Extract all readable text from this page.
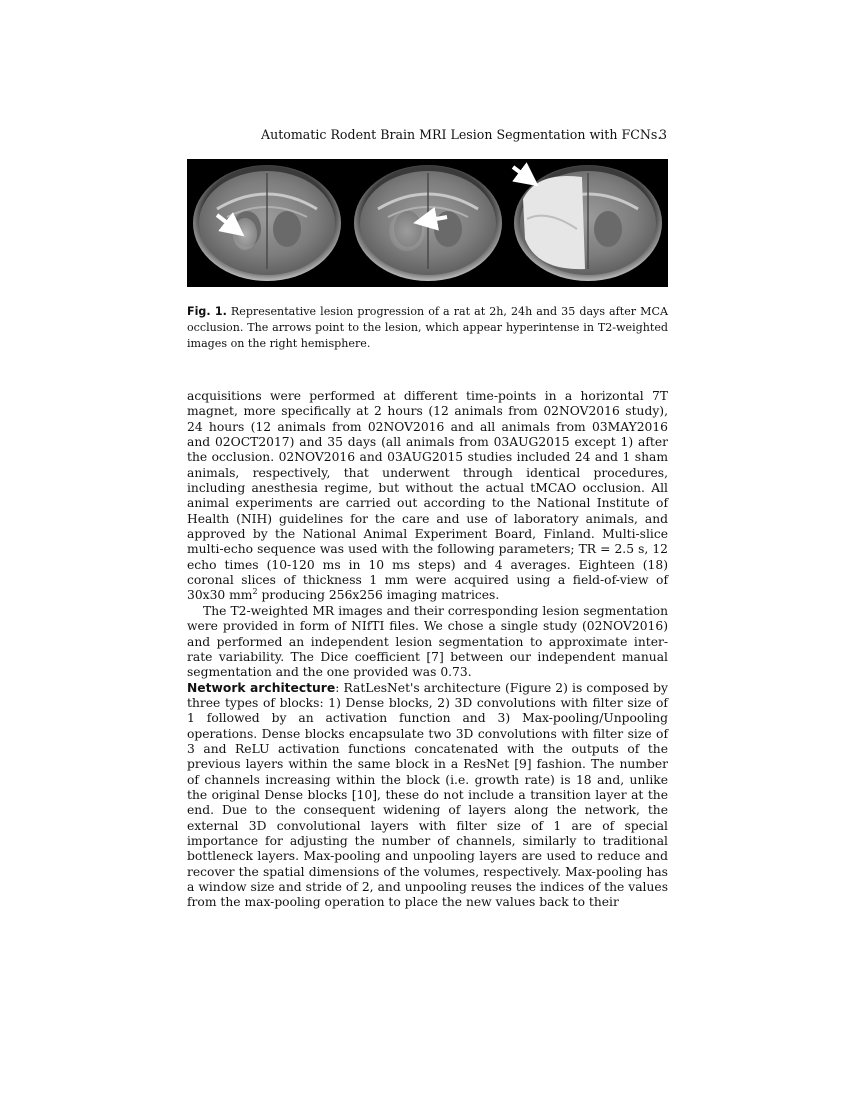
Automatic Rodent Brain MRI Lesion Segmentation with FCNs.
3
Fig. 1. Representative lesion progression of a rat at 2h, 24h and 35 days after MCA occlusion. The arrows point to the lesion, which appear hyperintense in T2-weighted images on the right hemisphere.

acquisitions were performed at different time-points in a horizontal 7T magnet, more specifically at 2 hours (12 animals from 02NOV2016 study), 24 hours (12 animals from 02NOV2016 and all animals from 03MAY2016 and 02OCT2017) and 35 days (all animals from 03AUG2015 except 1) after the occlusion. 02NOV2016 and 03AUG2015 studies included 24 and 1 sham animals, respectively, that underwent through identical procedures, including anesthesia regime, but without the actual tMCAO occlusion. All animal experiments are carried out according to the National Institute of Health (NIH) guidelines for the care and use of laboratory animals, and approved by the National Animal Experiment Board, Finland. Multi-slice multi-echo sequence was used with the following parameters; TR = 2.5 s, 12 echo times (10-120 ms in 10 ms steps) and 4 averages. Eighteen (18) coronal slices of thickness 1 mm were acquired using a field-of-view of 30x30 $mm^2$ producing 256x256 imaging matrices.

The T2-weighted MR images and their corresponding lesion segmentation were provided in form of NIfTI files. We chose a single study (02NOV2016) and performed an independent lesion segmentation to approximate inter-rate variability. The Dice coefficient [7] between our independent manual segmentation and the one provided was 0.73.

Network architecture: RatLesNet's architecture (Figure 2) is composed by three types of blocks: 1) Dense blocks, 2) 3D convolutions with filter size of 1 followed by an activation function and 3) Max-pooling/Unpooling operations. Dense blocks encapsulate two 3D convolutions with filter size of 3 and ReLU activation functions concatenated with the outputs of the previous layers within the same block in a ResNet [9] fashion. The number of channels increasing within the block (i.e. growth rate) is 18 and, unlike the original Dense blocks [10], these do not include a transition layer at the end. Due to the consequent widening of layers along the network, the external 3D convolutional layers with filter size of 1 are of special importance for adjusting the number of channels, similarly to traditional bottleneck layers. Max-pooling and unpooling layers are used to reduce and recover the spatial dimensions of the volumes, respectively. Max-pooling has a window size and stride of 2, and unpooling reuses the indices of the values from the max-pooling operation to place the new values back to their
